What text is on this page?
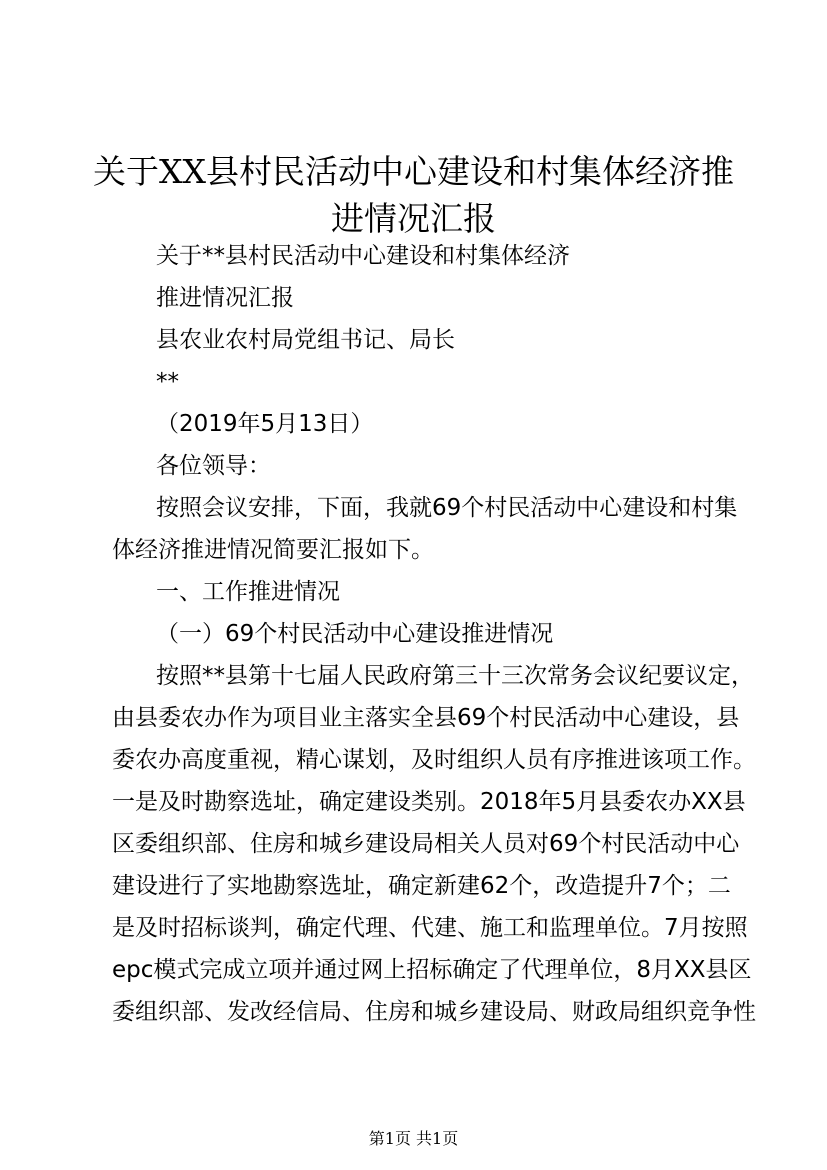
关于XX县村民活动中心建设和村集体经济推
进情况汇报
关于**县村民活动中心建设和村集体经济
推进情况汇报
县农业农村局党组书记、局长
**
（2019年5月13日）
各位领导：
按照会议安排，下面，我就69个村民活动中心建设和村集
体经济推进情况简要汇报如下。
一、工作推进情况
（一）69个村民活动中心建设推进情况
按照**县第十七届人民政府第三十三次常务会议纪要议定，
由县委农办作为项目业主落实全县69个村民活动中心建设，县
委农办高度重视，精心谋划，及时组织人员有序推进该项工作。
一是及时勘察选址，确定建设类别。2018年5月县委农办XX县
区委组织部、住房和城乡建设局相关人员对69个村民活动中心
建设进行了实地勘察选址，确定新建62个，改造提升7个；二
是及时招标谈判，确定代理、代建、施工和监理单位。7月按照
epc模式完成立项并通过网上招标确定了代理单位，8月XX县区
委组织部、发改经信局、住房和城乡建设局、财政局组织竞争性
第1页 共1页
